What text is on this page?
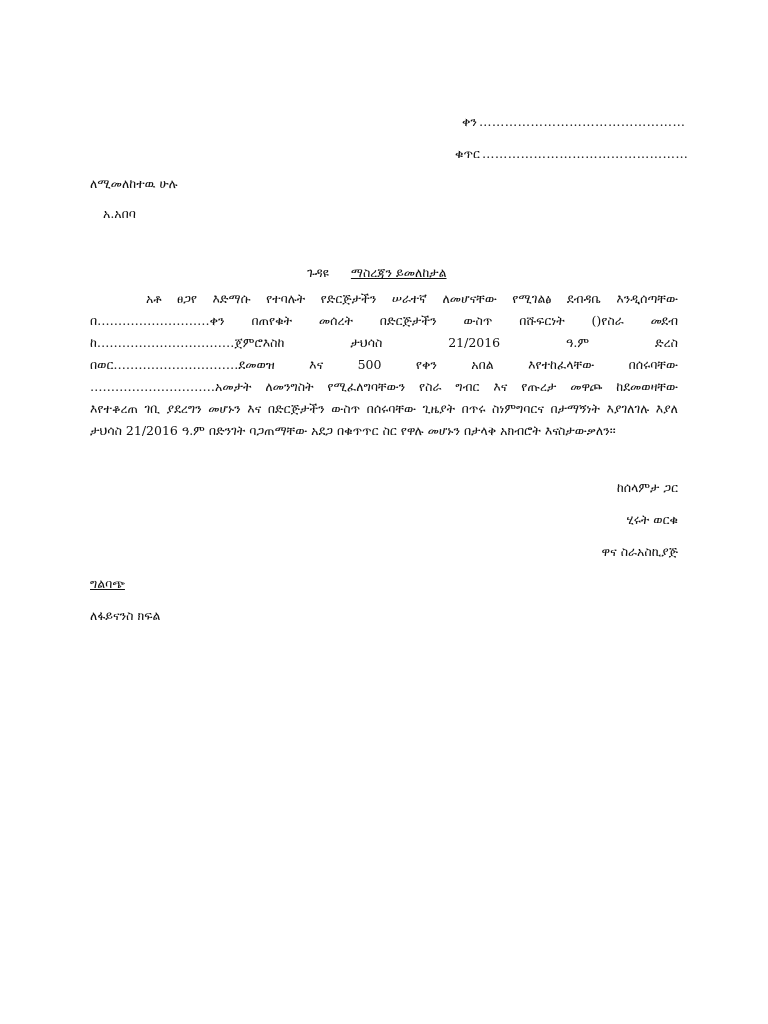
ቀን …………………………………………
ቁጥር …………………………………………
ለሚመለከተዉ ሁሉ
አ.አበባ
ጉዳዩ ማስረጃን ይመለከታል
አቶ ፀጋየ እድማሱ የተባሉት የድርጅታችን ሠራተኛ ለመሆናቸው የሚገልፅ ደብዳቤ እንዲሰጣቸው
በ………………………ቀን በጠየቁት መሰረት በድርጅታችን ውስጥ በሹፍርነት ()የስራ መደብ
ከ……………………………ጀምሮእስከ ታህሳስ 21/2016 ዓ.ም ድረስ
በወር…………………………ደመወዝ እና 500 የቀን አበል እየተከፈላቸው በሰሩባቸው
…………………………አመታት ለመንግስት የሚፈለግባቸውን የስራ ግብር እና የጡረታ መዋጮ ከደመወዛቸው
እየተቆረጠ ገቢ ያደረግን መሆኑን እና በድርጅታችን ውስጥ በሰሩባቸው ጊዜያት በጥሩ ስነምግባርና በታማኝነት እያገለገሉ እያለ
ታህሳስ 21/2016 ዓ.ም በድንገት ባጋጠማቸው አደጋ በቁጥጥር ስር የዋሉ መሆኑን በታላቅ አክብሮት እናስታውቃለን፡፡
ከሰላምታ ጋር
ሂሩት ወርቁ
ዋና ስራአስኪያጅ
ግልባጭ
ለፋይናንስ ክፍል
